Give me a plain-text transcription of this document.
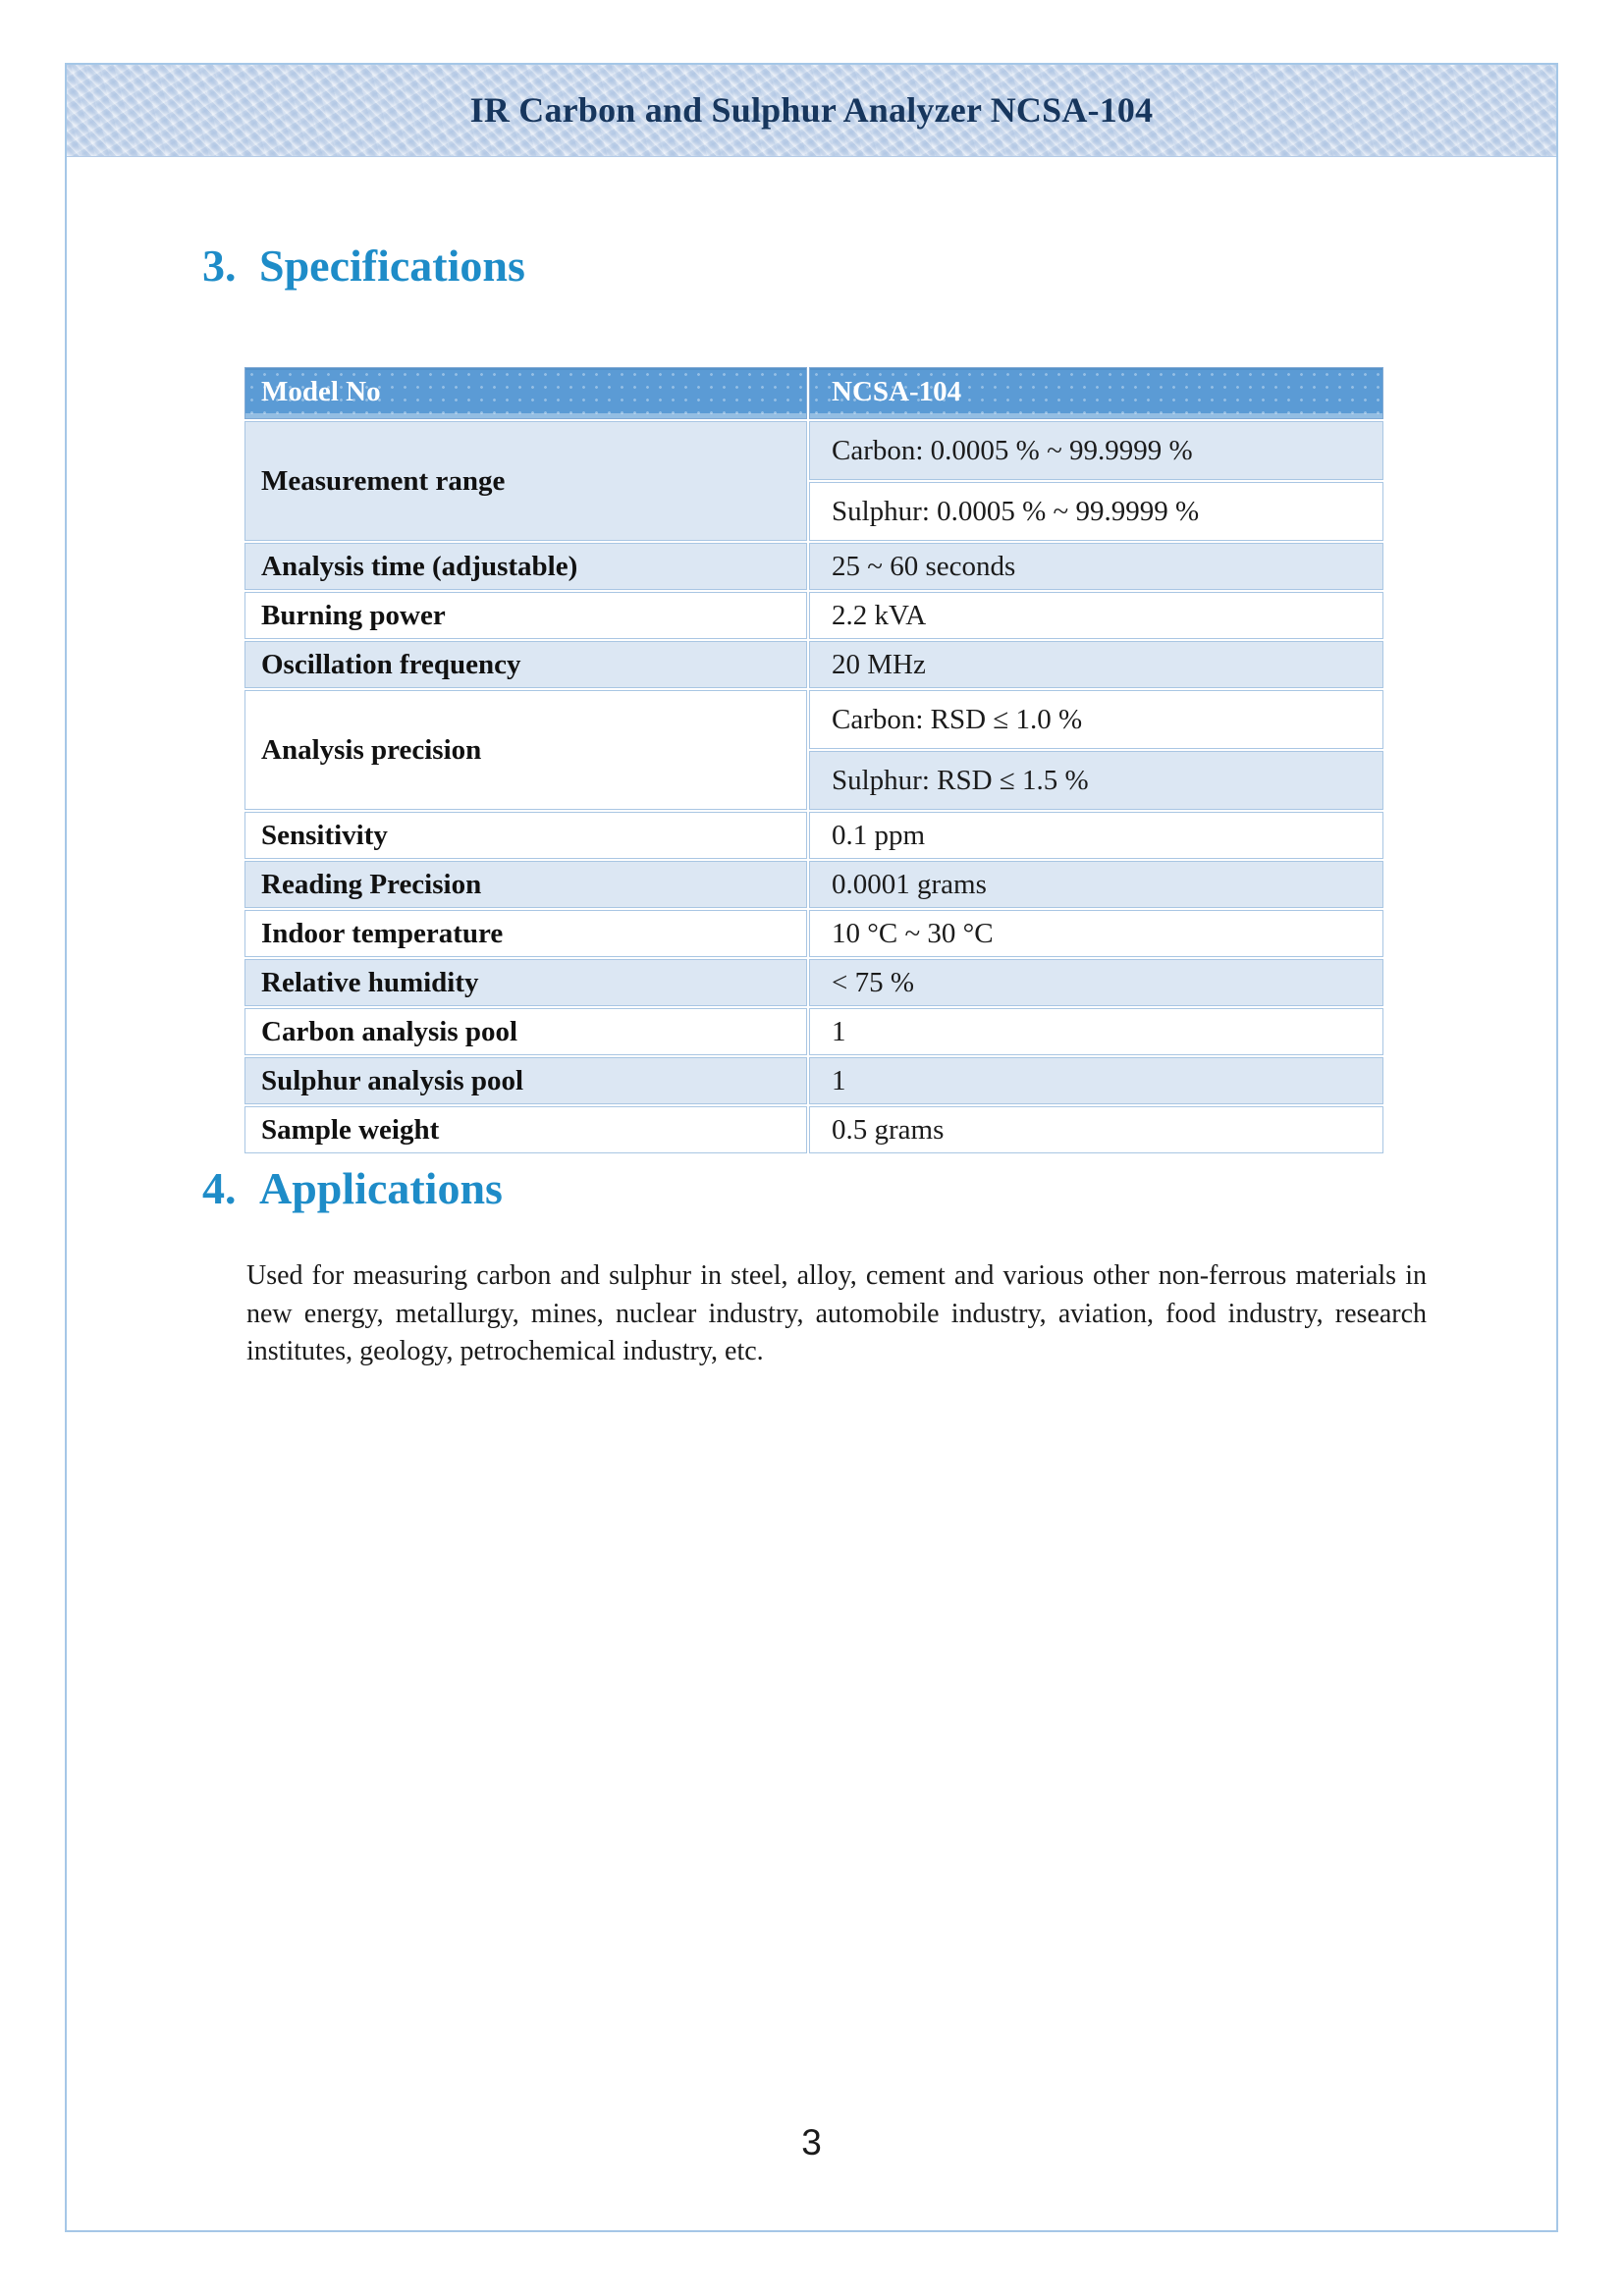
IR Carbon and Sulphur Analyzer NCSA-104
3. Specifications
Model No	NCSA-104
Measurement range	Carbon: 0.0005 % ~ 99.9999 %
	Sulphur: 0.0005 % ~ 99.9999 %
Analysis time (adjustable)	25 ~ 60 seconds
Burning power	2.2 kVA
Oscillation frequency	20 MHz
Analysis precision	Carbon: RSD ≤ 1.0 %
	Sulphur: RSD ≤ 1.5 %
Sensitivity	0.1 ppm
Reading Precision	0.0001 grams
Indoor temperature	10 °C ~ 30 °C
Relative humidity	< 75 %
Carbon analysis pool	1
Sulphur analysis pool	1
Sample weight	0.5 grams
4. Applications

Used for measuring carbon and sulphur in steel, alloy, cement and various other non-ferrous materials in new energy, metallurgy, mines, nuclear industry, automobile industry, aviation, food industry, research institutes, geology, petrochemical industry, etc.

3
